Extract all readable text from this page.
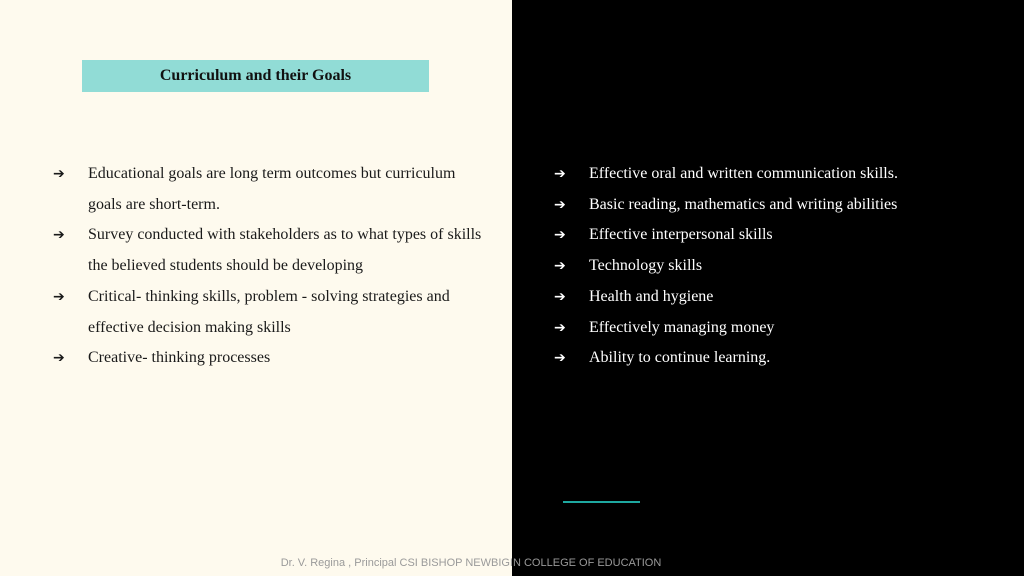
Curriculum and their Goals
➔ Educational goals are long term outcomes but curriculum goals are short-term.
➔ Survey conducted with stakeholders as to what types of skills the believed students should be developing
➔ Critical- thinking skills, problem - solving strategies and effective decision making skills
➔ Creative- thinking processes
➔ Effective oral and written communication skills.
➔ Basic reading, mathematics and writing abilities
➔ Effective interpersonal skills
➔ Technology skills
➔ Health and hygiene
➔ Effectively managing money
➔ Ability to continue learning.
Dr. V. Regina , Principal CSI BISHOP NEWBIGIN COLLEGE OF EDUCATION
